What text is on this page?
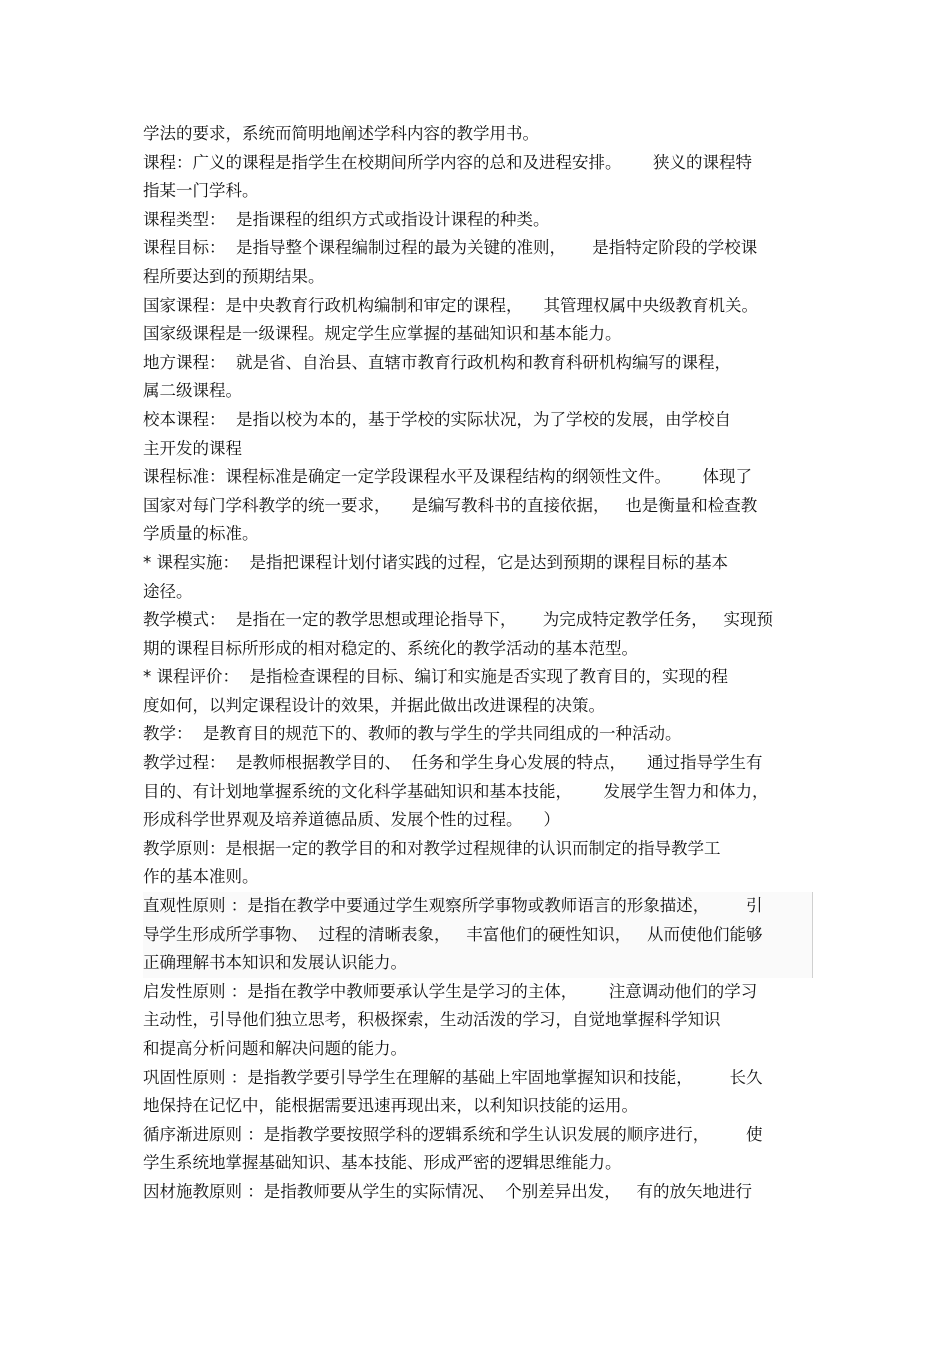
学法的要求，系统而简明地阐述学科内容的教学用书。
课程：广义的课程是指学生在校期间所学内容的总和及进程安排。      狭义的课程特
指某一门学科。
课程类型：  是指课程的组织方式或指设计课程的种类。
课程目标：  是指导整个课程编制过程的最为关键的准则，     是指特定阶段的学校课
程所要达到的预期结果。
国家课程：是中央教育行政机构编制和审定的课程，    其管理权属中央级教育机关。
国家级课程是一级课程。规定学生应掌握的基础知识和基本能力。
地方课程：  就是省、自治县、直辖市教育行政机构和教育科研机构编写的课程，
属二级课程。
校本课程：  是指以校为本的，基于学校的实际状况，为了学校的发展，由学校自
主开发的课程
课程标准：课程标准是确定一定学段课程水平及课程结构的纲领性文件。      体现了
国家对每门学科教学的统一要求，    是编写教科书的直接依据，   也是衡量和检查教
学质量的标准。
* 课程实施：  是指把课程计划付诸实践的过程，它是达到预期的课程目标的基本
途径。
教学模式：  是指在一定的教学思想或理论指导下，     为完成特定教学任务，   实现预
期的课程目标所形成的相对稳定的、系统化的教学活动的基本范型。
* 课程评价：  是指检查课程的目标、编订和实施是否实现了教育目的，实现的程
度如何，以判定课程设计的效果，并据此做出改进课程的决策。
教学：  是教育目的规范下的、教师的教与学生的学共同组成的一种活动。
教学过程：  是教师根据教学目的、  任务和学生身心发展的特点，    通过指导学生有
目的、有计划地掌握系统的文化科学基础知识和基本技能，      发展学生智力和体力，
形成科学世界观及培养道德品质、发展个性的过程。    ）
教学原则：是根据一定的教学目的和对教学过程规律的认识而制定的指导教学工
作的基本准则。
直观性原则 ：是指在教学中要通过学生观察所学事物或教师语言的形象描述，       引
导学生形成所学事物、  过程的清晰表象，   丰富他们的硬性知识，   从而使他们能够
正确理解书本知识和发展认识能力。
启发性原则 ：是指在教学中教师要承认学生是学习的主体，      注意调动他们的学习
主动性，引导他们独立思考，积极探索，生动活泼的学习，自觉地掌握科学知识
和提高分析问题和解决问题的能力。
巩固性原则 ：是指教学要引导学生在理解的基础上牢固地掌握知识和技能，       长久
地保持在记忆中，能根据需要迅速再现出来，以利知识技能的运用。
循序渐进原则 ：是指教学要按照学科的逻辑系统和学生认识发展的顺序进行，       使
学生系统地掌握基础知识、基本技能、形成严密的逻辑思维能力。
因材施教原则 ：是指教师要从学生的实际情况、  个别差异出发，   有的放矢地进行
